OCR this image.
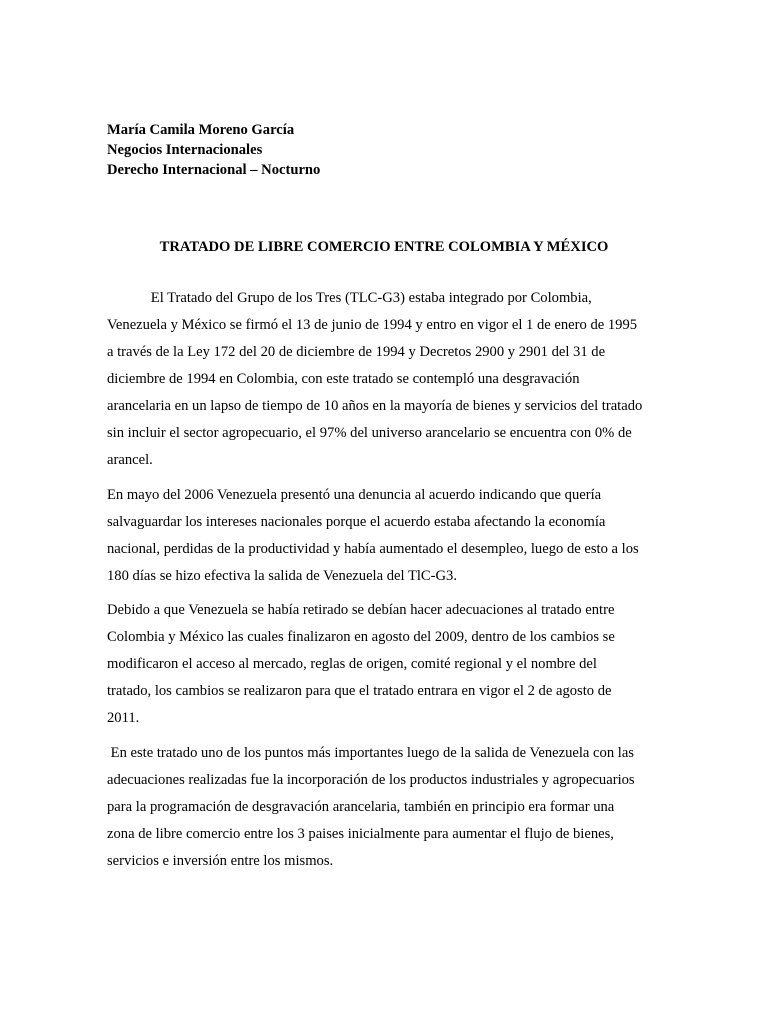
María Camila Moreno García
Negocios Internacionales
Derecho Internacional – Nocturno
TRATADO DE LIBRE COMERCIO ENTRE COLOMBIA Y MÉXICO
El Tratado del Grupo de los Tres (TLC-G3) estaba integrado por Colombia,
Venezuela y México se firmó el 13 de junio de 1994 y entro en vigor el 1 de enero de 1995
a través de la Ley 172 del 20 de diciembre de 1994 y Decretos 2900 y 2901 del 31 de
diciembre de 1994 en Colombia, con este tratado se contempló una desgravación
arancelaria en un lapso de tiempo de 10 años en la mayoría de bienes y servicios del tratado
sin incluir el sector agropecuario, el 97% del universo arancelario se encuentra con 0% de
arancel.
En mayo del 2006 Venezuela presentó una denuncia al acuerdo indicando que quería
salvaguardar los intereses nacionales porque el acuerdo estaba afectando la economía
nacional, perdidas de la productividad y había aumentado el desempleo, luego de esto a los
180 días se hizo efectiva la salida de Venezuela del TlC-G3.
Debido a que Venezuela se había retirado se debían hacer adecuaciones al tratado entre
Colombia y México las cuales finalizaron en agosto del 2009, dentro de los cambios se
modificaron el acceso al mercado, reglas de origen, comité regional y el nombre del
tratado, los cambios se realizaron para que el tratado entrara en vigor el 2 de agosto de
2011.
En este tratado uno de los puntos más importantes luego de la salida de Venezuela con las
adecuaciones realizadas fue la incorporación de los productos industriales y agropecuarios
para la programación de desgravación arancelaria, también en principio era formar una
zona de libre comercio entre los 3 paises inicialmente para aumentar el flujo de bienes,
servicios e inversión entre los mismos.
